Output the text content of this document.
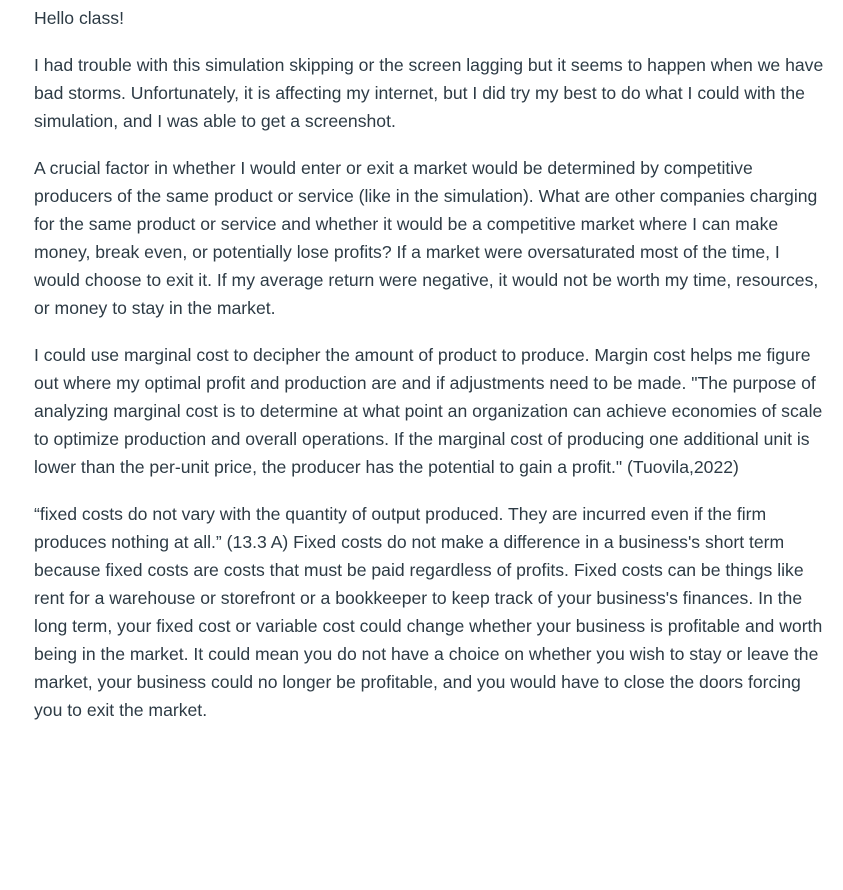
Hello class!

I had trouble with this simulation skipping or the screen lagging but it seems to happen when we have bad storms. Unfortunately, it is affecting my internet, but I did try my best to do what I could with the simulation, and I was able to get a screenshot.

A crucial factor in whether I would enter or exit a market would be determined by competitive producers of the same product or service (like in the simulation). What are other companies charging for the same product or service and whether it would be a competitive market where I can make money, break even, or potentially lose profits? If a market were oversaturated most of the time, I would choose to exit it. If my average return were negative, it would not be worth my time, resources, or money to stay in the market.

I could use marginal cost to decipher the amount of product to produce. Margin cost helps me figure out where my optimal profit and production are and if adjustments need to be made. "The purpose of analyzing marginal cost is to determine at what point an organization can achieve economies of scale to optimize production and overall operations. If the marginal cost of producing one additional unit is lower than the per-unit price, the producer has the potential to gain a profit." (Tuovila,2022)

“fixed costs do not vary with the quantity of output produced. They are incurred even if the firm produces nothing at all.” (13.3 A) Fixed costs do not make a difference in a business's short term because fixed costs are costs that must be paid regardless of profits. Fixed costs can be things like rent for a warehouse or storefront or a bookkeeper to keep track of your business's finances. In the long term, your fixed cost or variable cost could change whether your business is profitable and worth being in the market. It could mean you do not have a choice on whether you wish to stay or leave the market, your business could no longer be profitable, and you would have to close the doors forcing you to exit the market.
